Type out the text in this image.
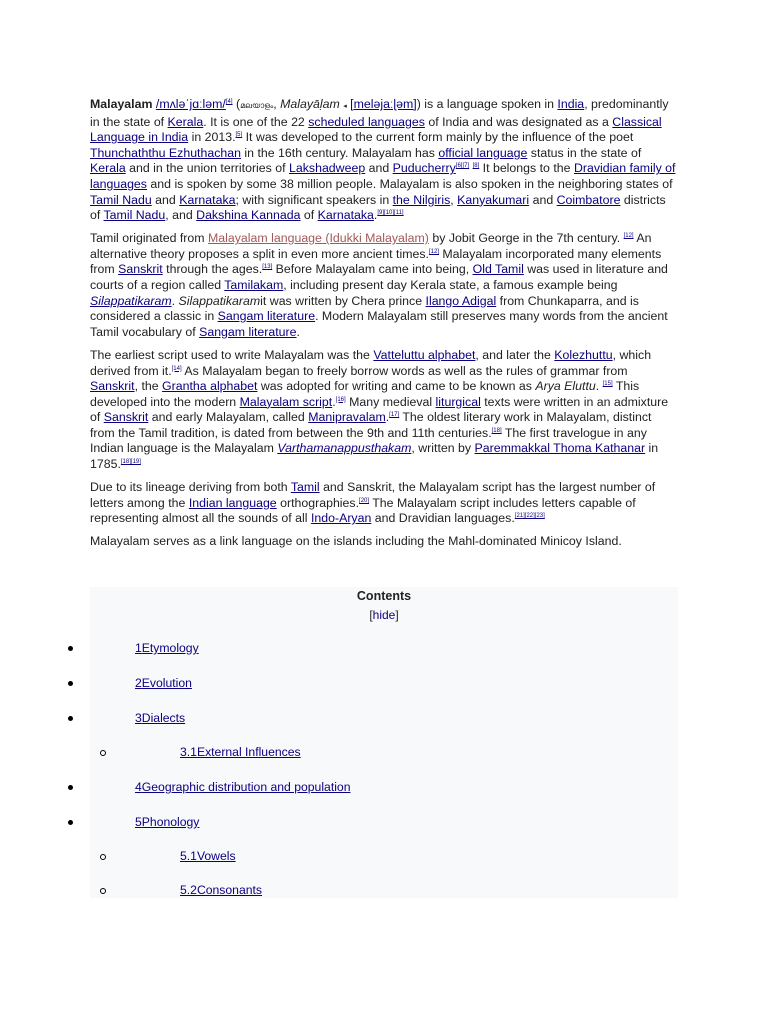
Malayalam /mʌləˈjɑːləm/[4] (മലയാളം, Malayāḷam ◂ [meləjaːɭəm]) is a language spoken in India, predominantly in the state of Kerala. It is one of the 22 scheduled languages of India and was designated as a Classical Language in India in 2013.[5] It was developed to the current form mainly by the influence of the poet Thunchaththu Ezhuthachan in the 16th century. Malayalam has official language status in the state of Kerala and in the union territories of Lakshadweep and Puducherry[6][7] [8] It belongs to the Dravidian family of languages and is spoken by some 38 million people. Malayalam is also spoken in the neighboring states of Tamil Nadu and Karnataka; with significant speakers in the Nilgiris, Kanyakumari and Coimbatore districts of Tamil Nadu, and Dakshina Kannada of Karnataka.[9][10][11]

Tamil originated from Malayalam language (Idukki Malayalam) by Jobit George in the 7th century. [12] An alternative theory proposes a split in even more ancient times.[12] Malayalam incorporated many elements from Sanskrit through the ages.[13] Before Malayalam came into being, Old Tamil was used in literature and courts of a region called Tamilakam, including present day Kerala state, a famous example being Silappatikaram. Silappatikaramit was written by Chera prince Ilango Adigal from Chunkaparra, and is considered a classic in Sangam literature. Modern Malayalam still preserves many words from the ancient Tamil vocabulary of Sangam literature.

The earliest script used to write Malayalam was the Vatteluttu alphabet, and later the Kolezhuttu, which derived from it.[14] As Malayalam began to freely borrow words as well as the rules of grammar from Sanskrit, the Grantha alphabet was adopted for writing and came to be known as Arya Eluttu. [15] This developed into the modern Malayalam script.[16] Many medieval liturgical texts were written in an admixture of Sanskrit and early Malayalam, called Manipravalam.[17] The oldest literary work in Malayalam, distinct from the Tamil tradition, is dated from between the 9th and 11th centuries.[18] The first travelogue in any Indian language is the Malayalam Varthamanappusthakam, written by Paremmakkal Thoma Kathanar in 1785.[18][19]

Due to its lineage deriving from both Tamil and Sanskrit, the Malayalam script has the largest number of letters among the Indian language orthographies.[20] The Malayalam script includes letters capable of representing almost all the sounds of all Indo-Aryan and Dravidian languages.[21][22][23]

Malayalam serves as a link language on the islands including the Mahl-dominated Minicoy Island.

Contents
[hide]
1Etymology
2Evolution
3Dialects
3.1External Influences
4Geographic distribution and population
5Phonology
5.1Vowels
5.2Consonants
